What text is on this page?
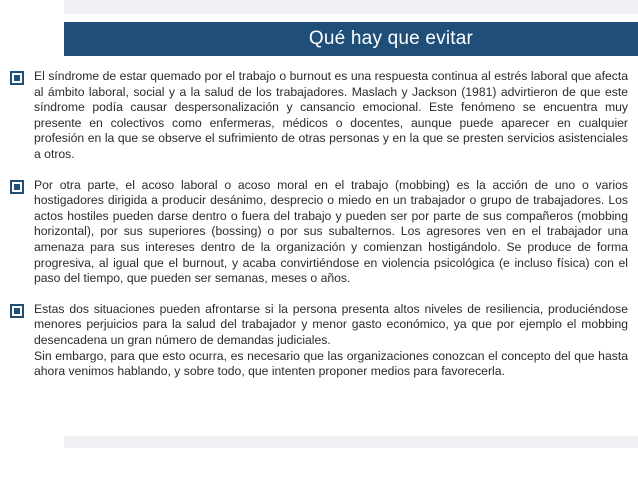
Qué hay que evitar

El síndrome de estar quemado por el trabajo o burnout es una respuesta continua al estrés laboral que afecta al ámbito laboral, social y a la salud de los trabajadores. Maslach y Jackson (1981) advirtieron de que este síndrome podía causar despersonalización y cansancio emocional. Este fenómeno se encuentra muy presente en colectivos como enfermeras, médicos o docentes, aunque puede aparecer en cualquier profesión en la que se observe el sufrimiento de otras personas y en la que se presten servicios asistenciales a otros.

Por otra parte, el acoso laboral o acoso moral en el trabajo (mobbing) es la acción de uno o varios hostigadores dirigida a producir desánimo, desprecio o miedo en un trabajador o grupo de trabajadores. Los actos hostiles pueden darse dentro o fuera del trabajo y pueden ser por parte de sus compañeros (mobbing horizontal), por sus superiores (bossing) o por sus subalternos. Los agresores ven en el trabajador una amenaza para sus intereses dentro de la organización y comienzan hostigándolo. Se produce de forma progresiva, al igual que el burnout, y acaba convirtiéndose en violencia psicológica (e incluso física) con el paso del tiempo, que pueden ser semanas, meses o años.

Estas dos situaciones pueden afrontarse si la persona presenta altos niveles de resiliencia, produciéndose menores perjuicios para la salud del trabajador y menor gasto económico, ya que por ejemplo el mobbing desencadena un gran número de demandas judiciales.

Sin embargo, para que esto ocurra, es necesario que las organizaciones conozcan el concepto del que hasta ahora venimos hablando, y sobre todo, que intenten proponer medios para favorecerla.
